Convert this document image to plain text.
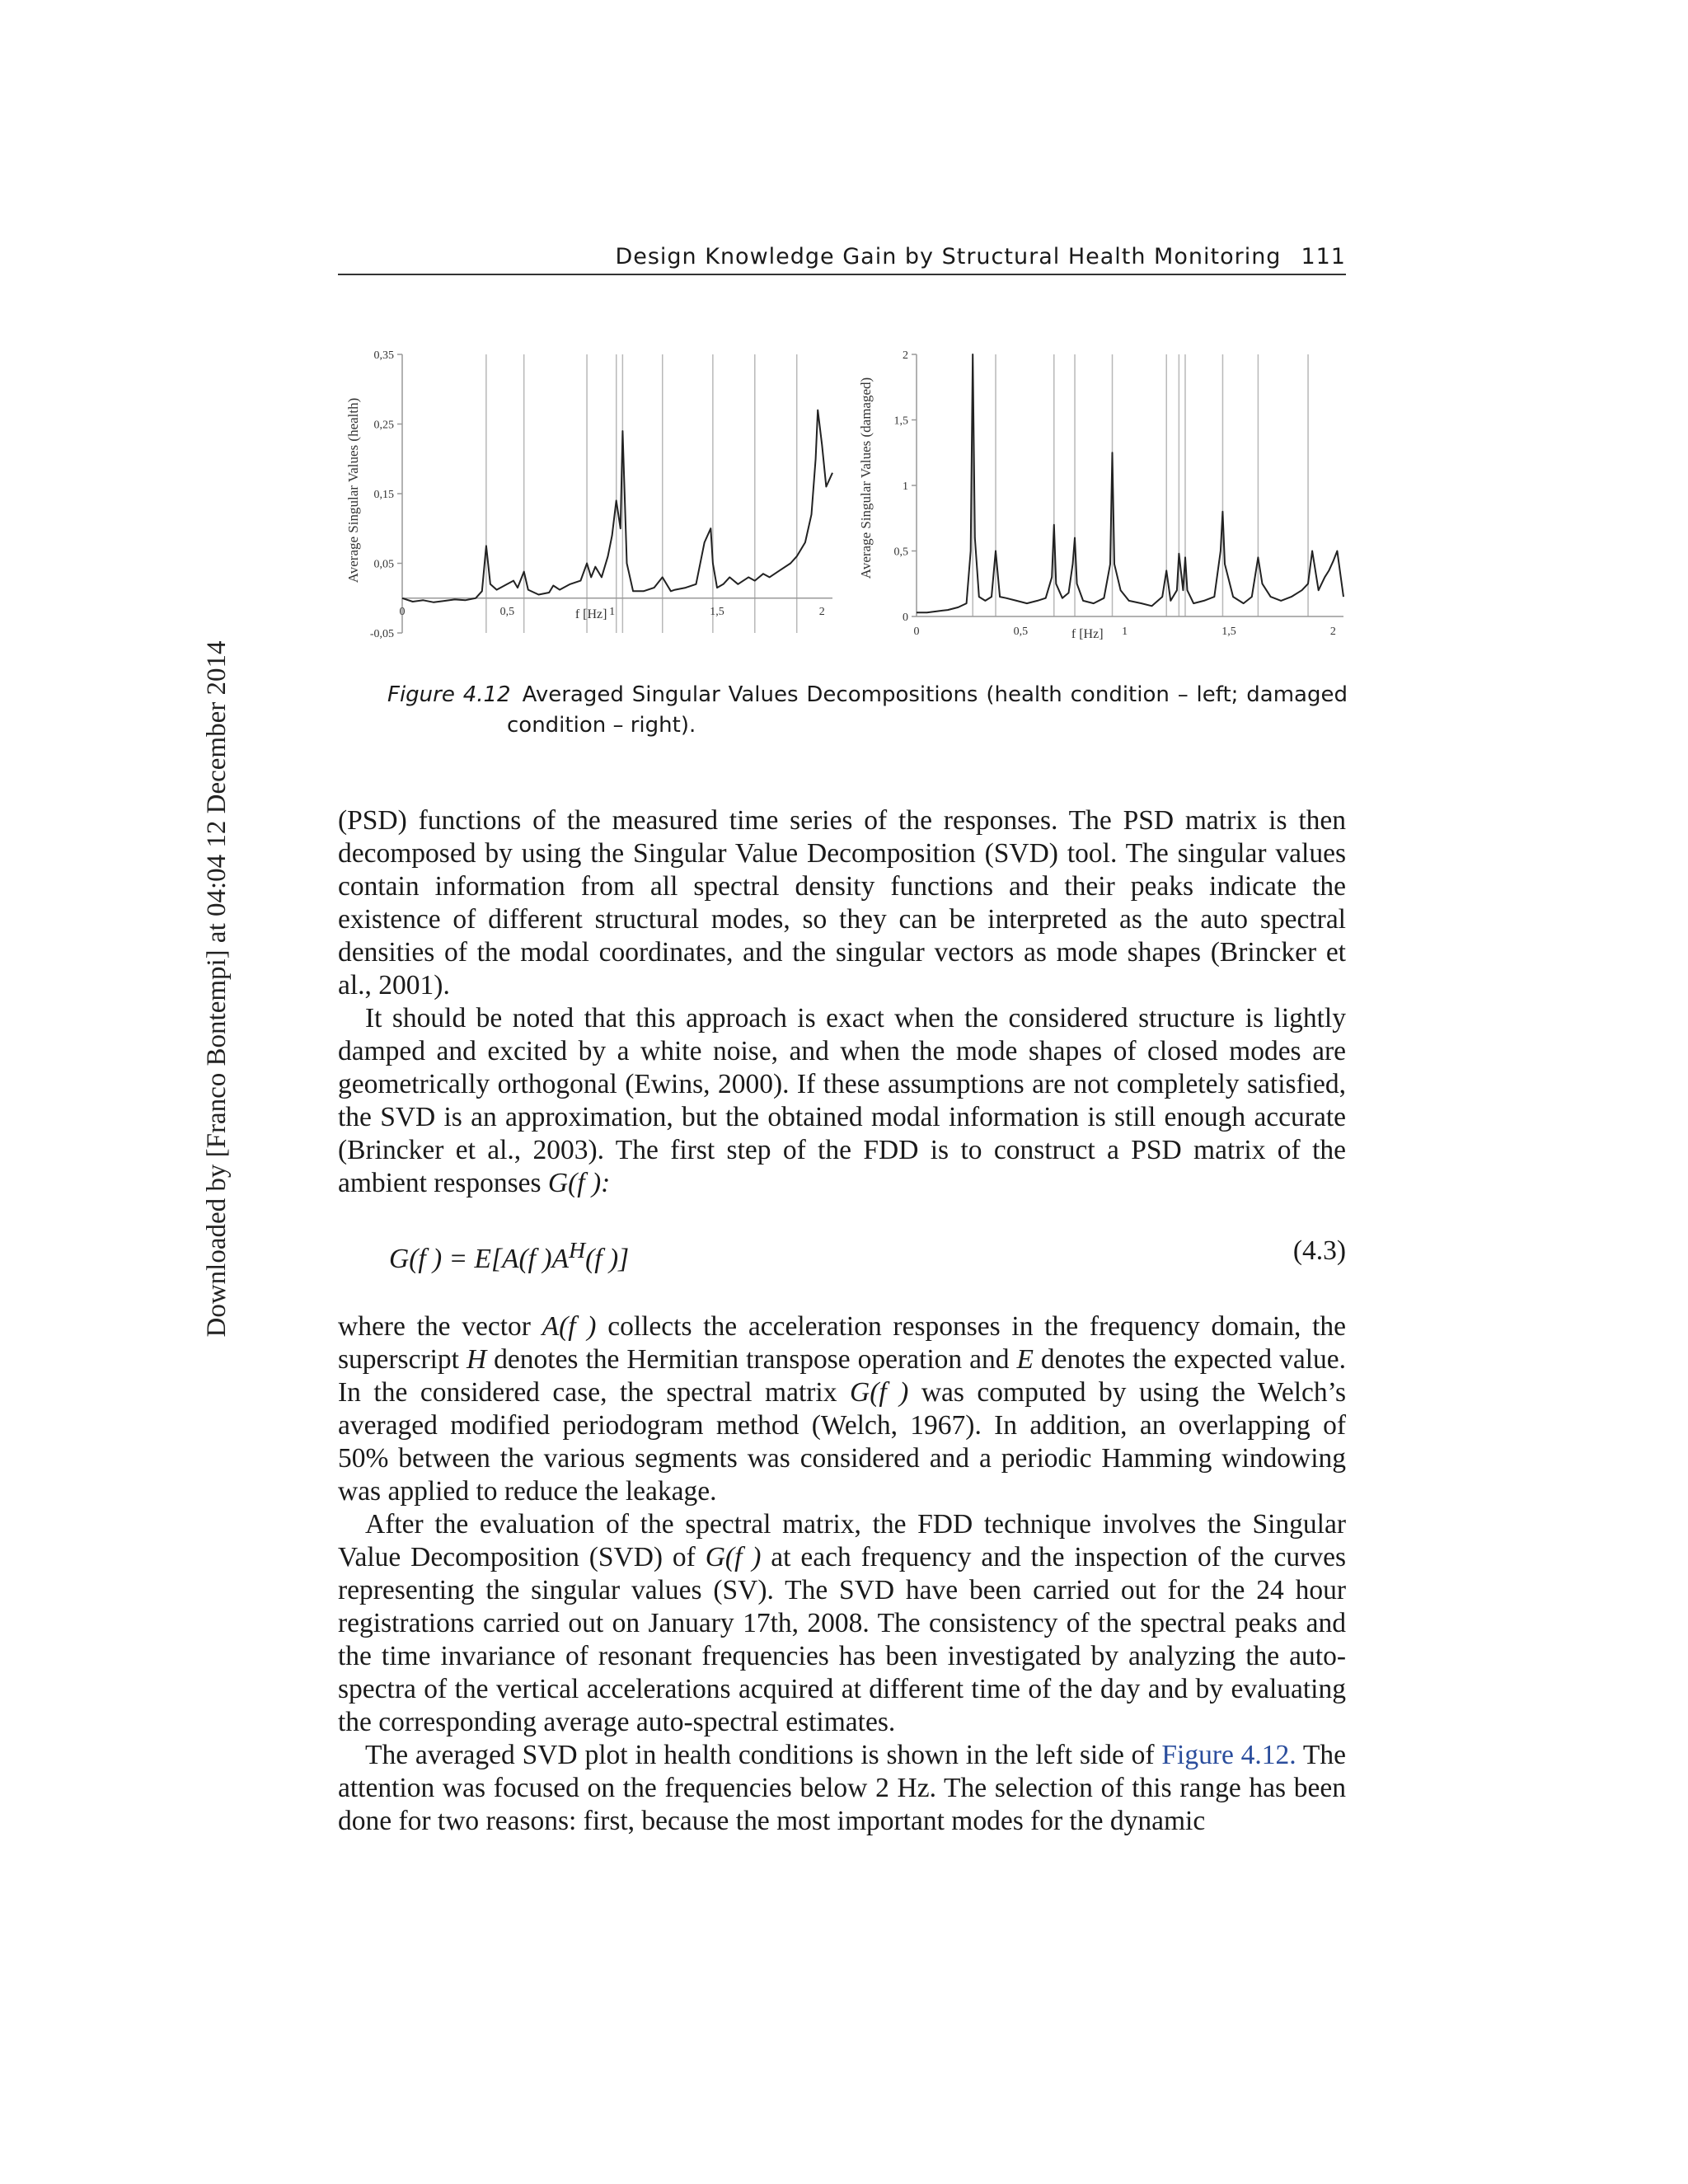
Design Knowledge Gain by Structural Health Monitoring 111
Downloaded by [Franco Bontempi] at 04:04 12 December 2014
Average Singular Values (health)
-0,05
0,05
0,15
0,25
0,35
0	0,5	1	1,5	2
f [Hz]
Average Singular Values (damaged)
0
0,5
1
1,5
2
0	0,5	1	1,5	2
f [Hz]
Figure 4.12 Averaged Singular Values Decompositions (health condition – left; damaged
condition – right).

(PSD) functions of the measured time series of the responses. The PSD matrix is then decomposed by using the Singular Value Decomposition (SVD) tool. The singular values contain information from all spectral density functions and their peaks indicate the existence of different structural modes, so they can be interpreted as the auto spectral densities of the modal coordinates, and the singular vectors as mode shapes (Brincker et al., 2001).

It should be noted that this approach is exact when the considered structure is lightly damped and excited by a white noise, and when the mode shapes of closed modes are geometrically orthogonal (Ewins, 2000). If these assumptions are not completely satisfied, the SVD is an approximation, but the obtained modal information is still enough accurate (Brincker et al., 2003). The first step of the FDD is to construct a PSD matrix of the ambient responses G(f ):

G(f ) = E[A(f )$A^H(f$ )]	(4.3)

where the vector A(f ) collects the acceleration responses in the frequency domain, the superscript H denotes the Hermitian transpose operation and E denotes the expected value. In the considered case, the spectral matrix G(f ) was computed by using the Welch’s averaged modified periodogram method (Welch, 1967). In addition, an overlapping of 50% between the various segments was considered and a periodic Hamming windowing was applied to reduce the leakage.

After the evaluation of the spectral matrix, the FDD technique involves the Singular Value Decomposition (SVD) of G(f ) at each frequency and the inspection of the curves representing the singular values (SV). The SVD have been carried out for the 24 hour registrations carried out on January 17th, 2008. The consistency of the spectral peaks and the time invariance of resonant frequencies has been investigated by analyzing the auto-spectra of the vertical accelerations acquired at different time of the day and by evaluating the corresponding average auto-spectral estimates.

The averaged SVD plot in health conditions is shown in the left side of Figure 4.12. The attention was focused on the frequencies below 2 Hz. The selection of this range has been done for two reasons: first, because the most important modes for the dynamic
